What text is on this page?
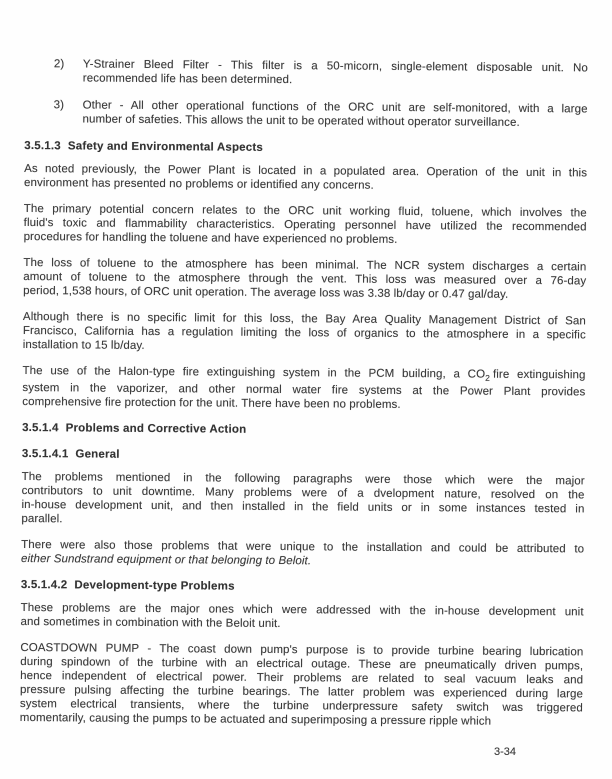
2) Y-Strainer Bleed Filter - This filter is a 50-micorn, single-element disposable unit. No
recommended life has been determined.
3) Other - All other operational functions of the ORC unit are self-monitored, with a large
number of safeties. This allows the unit to be operated without operator surveillance.
3.5.1.3 Safety and Environmental Aspects
As noted previously, the Power Plant is located in a populated area. Operation of the unit in this
environment has presented no problems or identified any concerns.
The primary potential concern relates to the ORC unit working fluid, toluene, which involves the
fluid's toxic and flammability characteristics. Operating personnel have utilized the recommended
procedures for handling the toluene and have experienced no problems.
The loss of toluene to the atmosphere has been minimal. The NCR system discharges a certain
amount of toluene to the atmosphere through the vent. This loss was measured over a 76-day
period, 1,538 hours, of ORC unit operation. The average loss was 3.38 lb/day or 0.47 gal/day.
Although there is no specific limit for this loss, the Bay Area Quality Management District of San
Francisco, California has a regulation limiting the loss of organics to the atmosphere in a specific
installation to 15 lb/day.
The use of the Halon-type fire extinguishing system in the PCM building, a $CO_2$ fire extinguishing
system in the vaporizer, and other normal water fire systems at the Power Plant provides
comprehensive fire protection for the unit. There have been no problems.
3.5.1.4 Problems and Corrective Action
3.5.1.4.1 General
The problems mentioned in the following paragraphs were those which were the major
contributors to unit downtime. Many problems were of a dvelopment nature, resolved on the
in-house development unit, and then installed in the field units or in some instances tested in
parallel.
There were also those problems that were unique to the installation and could be attributed to
either Sundstrand equipment or that belonging to Beloit.
3.5.1.4.2 Development-type Problems
These problems are the major ones which were addressed with the in-house development unit
and sometimes in combination with the Beloit unit.
COASTDOWN PUMP - The coast down pump's purpose is to provide turbine bearing lubrication
during spindown of the turbine with an electrical outage. These are pneumatically driven pumps,
hence independent of electrical power. Their problems are related to seal vacuum leaks and
pressure pulsing affecting the turbine bearings. The latter problem was experienced during large
system electrical transients, where the turbine underpressure safety switch was triggered
momentarily, causing the pumps to be actuated and superimposing a pressure ripple which
3-34
